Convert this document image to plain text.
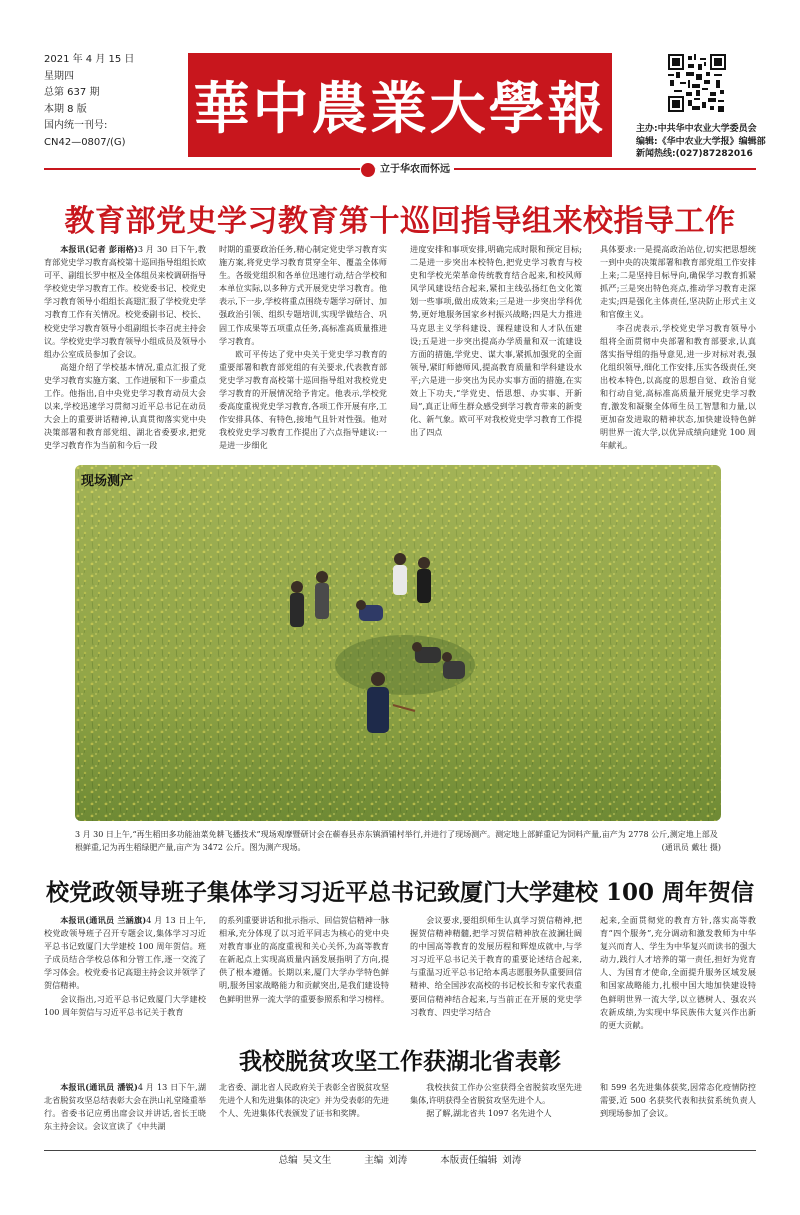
2021 年 4 月 15 日
星期四
总第 637 期
本期 8 版
国内统一刊号:
CN42—0807/(G) 華中農業大學報	主办:中共华中农业大学委员会
编辑:《华中农业大学报》编辑部
新闻热线:(027)87282016
立于华农而怀远
教育部党史学习教育第十巡回指导组来校指导工作

本报讯(记者 彭雨格)3 月 30 日下午,教育部党史学习教育高校第十巡回指导组组长欧可平、副组长罗中枢及全体组员来校调研指导学校党史学习教育工作。校党委书记、校党史学习教育领导小组组长高翅汇报了学校党史学习教育工作有关情况。校党委副书记、校长、校党史学习教育领导小组副组长李召虎主持会议。学校党史学习教育领导小组成员及领导小组办公室成员参加了会议。

高翅介绍了学校基本情况,重点汇报了党史学习教育实施方案、工作进展和下一步重点工作。他指出,自中央党史学习教育动员大会以来,学校迅速学习贯彻习近平总书记在动员大会上的重要讲话精神,认真贯彻落实党中央决策部署和教育部党组、湖北省委要求,把党史学习教育作为当前和今后一段

时期的重要政治任务,精心制定党史学习教育实施方案,将党史学习教育贯穿全年、覆盖全体师生。各级党组织和各单位迅速行动,结合学校和本单位实际,以多种方式开展党史学习教育。他表示,下一步,学校将重点围绕专题学习研讨、加强政治引领、组织专题培训,实现学做结合、巩固工作成果等五项重点任务,高标准高质量推进学习教育。

欧可平传达了党中央关于党史学习教育的重要部署和教育部党组的有关要求,代表教育部党史学习教育高校第十巡回指导组对我校党史学习教育的开展情况给予肯定。他表示,学校党委高度重视党史学习教育,各项工作开展有序,工作安排具体、有特色,接地气且针对性强。他对我校党史学习教育工作提出了六点指导建议:一是进一步细化

进度安排和事项安排,明确完成时限和预定目标;二是进一步突出本校特色,把党史学习教育与校史和学校光荣革命传统教育结合起来,和校风师风学风建设结合起来,紧扣主线弘扬红色文化策划一些事项,做出成效来;三是进一步突出学科优势,更好地服务国家乡村振兴战略;四是大力推进马克思主义学科建设、课程建设和人才队伍建设;五是进一步突出提高办学质量和双一流建设方面的措施,学党史、谋大事,紧抓加强党的全面领导,紧盯师德师风,提高教育质量和学科建设水平;六是进一步突出为民办实事方面的措施,在实效上下功夫,“学党史、悟思想、办实事、开新局”,真正让师生群众感受到学习教育带来的新变化、新气象。欧可平对我校党史学习教育工作提出了四点

具体要求:一是提高政治站位,切实把思想统一到中央的决策部署和教育部党组工作安排上来;二是坚持目标导向,确保学习教育抓紧抓严;三是突出特色亮点,推动学习教育走深走实;四是强化主体责任,坚决防止形式主义和官僚主义。

李召虎表示,学校党史学习教育领导小组将全面贯彻中央部署和教育部要求,认真落实指导组的指导意见,进一步对标对表,强化组织领导,细化工作安排,压实各级责任,突出校本特色,以高度的思想自觉、政治自觉和行动自觉,高标准高质量开展党史学习教育,激发和凝聚全体师生员工智慧和力量,以更加奋发进取的精神状态,加快建设特色鲜明世界一流大学,以优异成绩向建党 100 周年献礼。

现场测产
3 月 30 日上午,“再生稻田多功能油菜免耕飞播技术”现场观摩暨研讨会在蕲春县赤东镇酒铺村举行,并进行了现场测产。测定地上部鲜重记为饲料产量,亩产为 2778 公斤,测定地上部及根鲜重,记为再生稻绿肥产量,亩产为 3472 公斤。图为测产现场。	(通讯员 戴壮 摄)
校党政领导班子集体学习习近平总书记致厦门大学建校 100 周年贺信

本报讯(通讯员 兰涵旗)4 月 13 日上午,校党政领导班子召开专题会议,集体学习习近平总书记致厦门大学建校 100 周年贺信。班子成员结合学校总体和分管工作,逐一交流了学习体会。校党委书记高翅主持会议并领学了贺信精神。

会议指出,习近平总书记致厦门大学建校 100 周年贺信与习近平总书记关于教育

的系列重要讲话和批示指示、回信贺信精神一脉相承,充分体现了以习近平同志为核心的党中央对教育事业的高度重视和关心关怀,为高等教育在新起点上实现高质量内涵发展指明了方向,提供了根本遵循。长期以来,厦门大学办学特色鲜明,服务国家战略能力和贡献突出,是我们建设特色鲜明世界一流大学的重要参照系和学习榜样。

会议要求,要组织师生认真学习贺信精神,把握贺信精神精髓,把学习贺信精神放在波澜壮阔的中国高等教育的发展历程和辉煌成就中,与学习习近平总书记关于教育的重要论述结合起来,与重温习近平总书记给本禹志愿服务队重要回信精神、给全国涉农高校的书记校长和专家代表重要回信精神结合起来,与当前正在开展的党史学习教育、四史学习结合

起来,全面贯彻党的教育方针,落实高等教育“四个服务”,充分调动和激发教师为中华复兴而育人、学生为中华复兴而读书的强大动力,践行人才培养的第一责任,担好为党育人、为国育才使命,全面提升服务区域发展和国家战略能力,扎根中国大地加快建设特色鲜明世界一流大学,以立德树人、强农兴农新成绩,为实现中华民族伟大复兴作出新的更大贡献。

我校脱贫攻坚工作获湖北省表彰

本报讯(通讯员 潘锐)4 月 13 日下午,湖北省脱贫攻坚总结表彰大会在洪山礼堂隆重举行。省委书记应勇出席会议并讲话,省长王晓东主持会议。会议宣读了《中共湖

北省委、湖北省人民政府关于表彰全省脱贫攻坚先进个人和先进集体的决定》并为受表彰的先进个人、先进集体代表颁发了证书和奖牌。

我校扶贫工作办公室获得全省脱贫攻坚先进集体,许明获得全省脱贫攻坚先进个人。

据了解,湖北省共 1097 名先进个人

和 599 名先进集体获奖,因常态化疫情防控需要,近 500 名获奖代表和扶贫系统负责人到现场参加了会议。

总编 吴文生	主编 刘涛	本版责任编辑 刘涛
